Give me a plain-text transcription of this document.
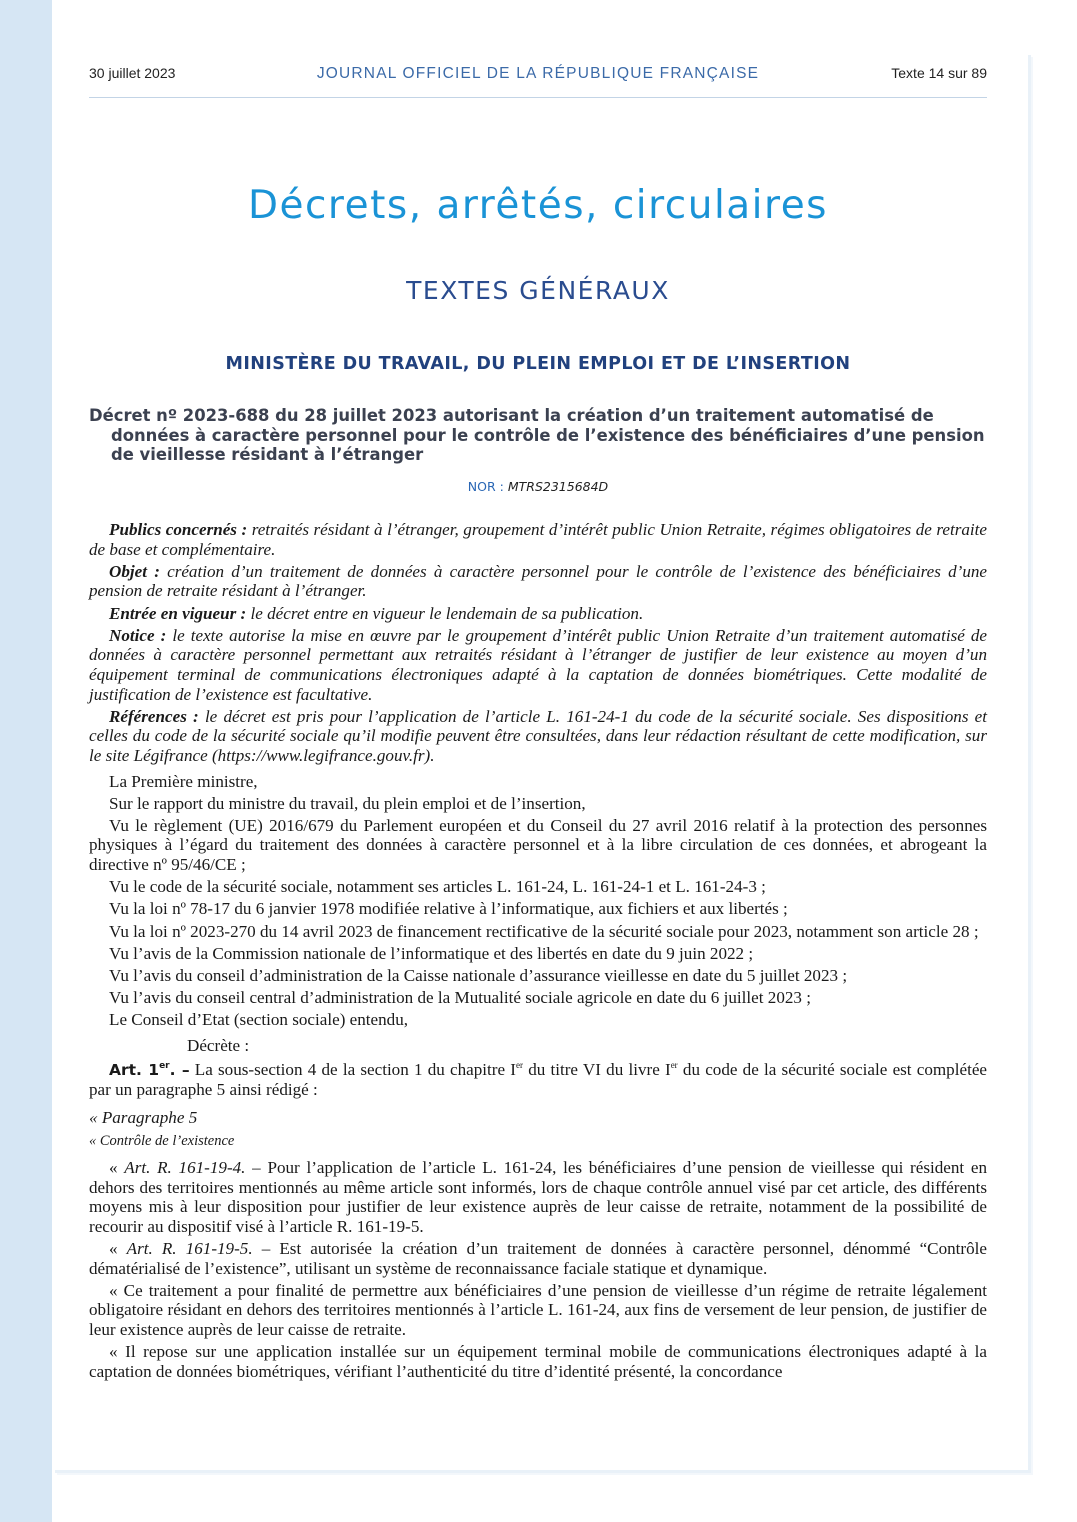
30 juillet 2023	JOURNAL OFFICIEL DE LA RÉPUBLIQUE FRANÇAISE	Texte 14 sur 89
Décrets, arrêtés, circulaires
TEXTES GÉNÉRAUX
MINISTÈRE DU TRAVAIL, DU PLEIN EMPLOI ET DE L’INSERTION
Décret nº 2023-688 du 28 juillet 2023 autorisant la création d’un traitement automatisé de
données à caractère personnel pour le contrôle de l’existence des bénéficiaires d’une pension
de vieillesse résidant à l’étranger
NOR : MTRS2315684D

Publics concernés : retraités résidant à l’étranger, groupement d’intérêt public Union Retraite, régimes obligatoires de retraite de base et complémentaire.

Objet : création d’un traitement de données à caractère personnel pour le contrôle de l’existence des bénéficiaires d’une pension de retraite résidant à l’étranger.

Entrée en vigueur : le décret entre en vigueur le lendemain de sa publication.

Notice : le texte autorise la mise en œuvre par le groupement d’intérêt public Union Retraite d’un traitement automatisé de données à caractère personnel permettant aux retraités résidant à l’étranger de justifier de leur existence au moyen d’un équipement terminal de communications électroniques adapté à la captation de données biométriques. Cette modalité de justification de l’existence est facultative.

Références : le décret est pris pour l’application de l’article L. 161-24-1 du code de la sécurité sociale. Ses dispositions et celles du code de la sécurité sociale qu’il modifie peuvent être consultées, dans leur rédaction résultant de cette modification, sur le site Légifrance (https://www.legifrance.gouv.fr).

La Première ministre,

Sur le rapport du ministre du travail, du plein emploi et de l’insertion,

Vu le règlement (UE) 2016/679 du Parlement européen et du Conseil du 27 avril 2016 relatif à la protection des personnes physiques à l’égard du traitement des données à caractère personnel et à la libre circulation de ces données, et abrogeant la directive nº 95/46/CE ;

Vu le code de la sécurité sociale, notamment ses articles L. 161-24, L. 161-24-1 et L. 161-24-3 ;

Vu la loi nº 78-17 du 6 janvier 1978 modifiée relative à l’informatique, aux fichiers et aux libertés ;

Vu la loi nº 2023-270 du 14 avril 2023 de financement rectificative de la sécurité sociale pour 2023, notamment son article 28 ;

Vu l’avis de la Commission nationale de l’informatique et des libertés en date du 9 juin 2022 ;

Vu l’avis du conseil d’administration de la Caisse nationale d’assurance vieillesse en date du 5 juillet 2023 ;

Vu l’avis du conseil central d’administration de la Mutualité sociale agricole en date du 6 juillet 2023 ;

Le Conseil d’Etat (section sociale) entendu,

Décrète :

Art. 1er. – La sous-section 4 de la section 1 du chapitre Ier du titre VI du livre Ier du code de la sécurité sociale est complétée par un paragraphe 5 ainsi rédigé :

« Paragraphe 5

« Contrôle de l’existence

« Art. R. 161-19-4. – Pour l’application de l’article L. 161-24, les bénéficiaires d’une pension de vieillesse qui résident en dehors des territoires mentionnés au même article sont informés, lors de chaque contrôle annuel visé par cet article, des différents moyens mis à leur disposition pour justifier de leur existence auprès de leur caisse de retraite, notamment de la possibilité de recourir au dispositif visé à l’article R. 161-19-5.

« Art. R. 161-19-5. – Est autorisée la création d’un traitement de données à caractère personnel, dénommé “Contrôle dématérialisé de l’existence”, utilisant un système de reconnaissance faciale statique et dynamique.

« Ce traitement a pour finalité de permettre aux bénéficiaires d’une pension de vieillesse d’un régime de retraite légalement obligatoire résidant en dehors des territoires mentionnés à l’article L. 161-24, aux fins de versement de leur pension, de justifier de leur existence auprès de leur caisse de retraite.

« Il repose sur une application installée sur un équipement terminal mobile de communications électroniques adapté à la captation de données biométriques, vérifiant l’authenticité du titre d’identité présenté, la concordance
